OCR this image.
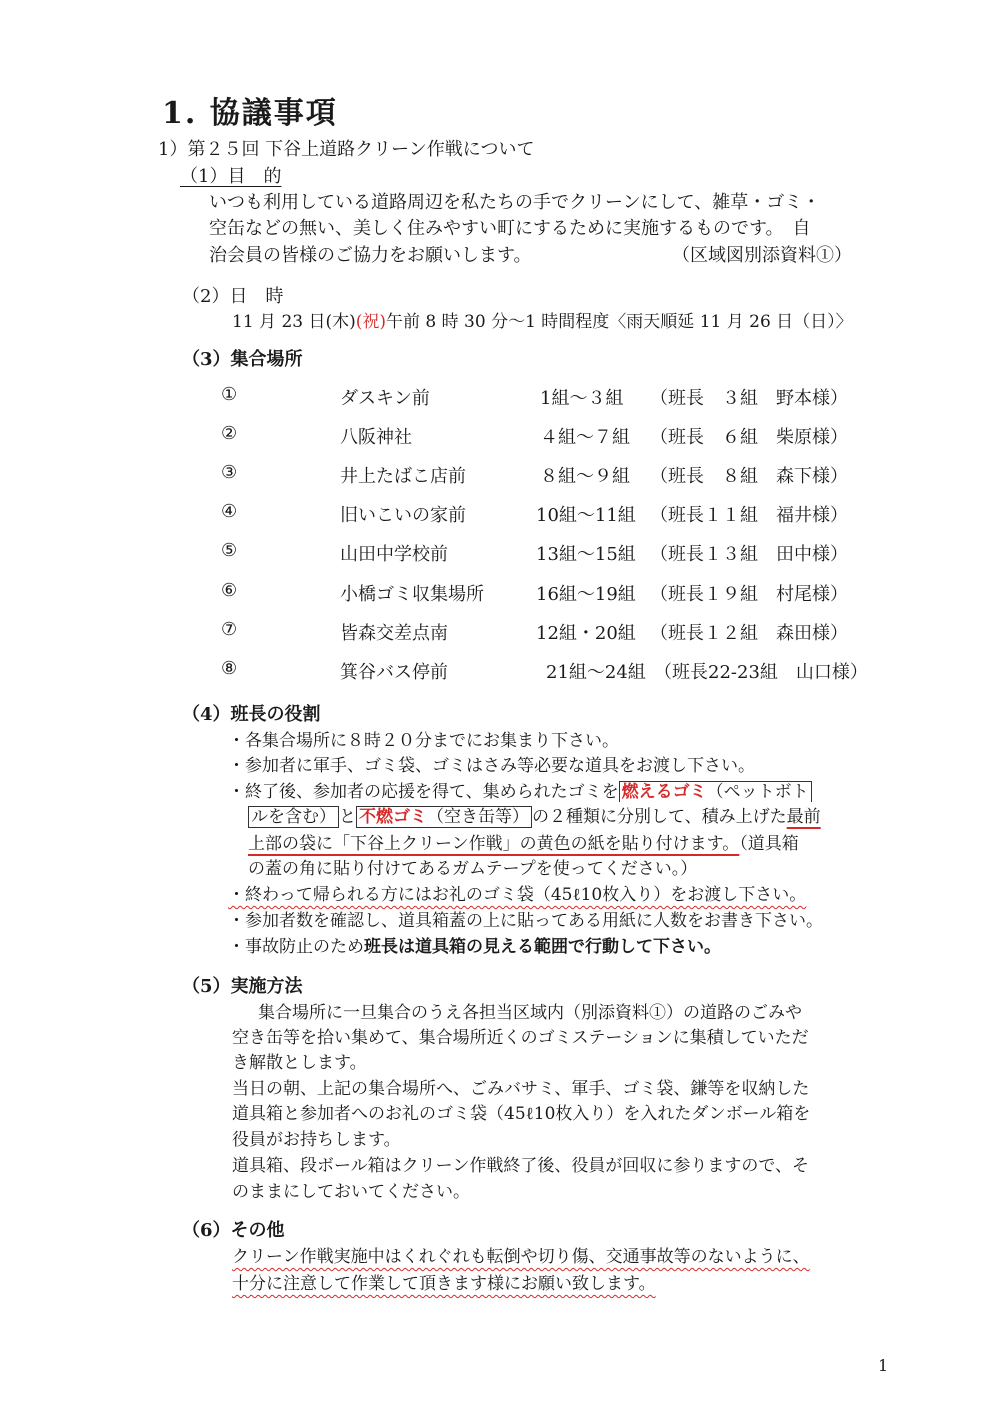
1. 協議事項
1）第２５回 下谷上道路クリーン作戦について
（1）目　的
いつも利用している道路周辺を私たちの手でクリーンにして、雑草・ゴミ・
空缶などの無い、美しく住みやすい町にするために実施するものです。　自
治会員の皆様のご協力をお願いします。	（区域図別添資料①）
（2）日　時
11 月 23 日(木)(祝)午前 8 時 30 分〜1 時間程度〈雨天順延 11 月 26 日（日）〉
（3）集合場所
①	ダスキン前	1組〜３組 （班長　３組　野本様）
②	八阪神社	４組〜７組 （班長　６組　柴原様）
③	井上たばこ店前	８組〜９組 （班長　８組　森下様）
④	旧いこいの家前	10組〜11組 （班長１１組　福井様）
⑤	山田中学校前	13組〜15組 （班長１３組　田中様）
⑥	小橋ゴミ収集場所	16組〜19組 （班長１９組　村尾様）
⑦	皆森交差点南	12組・20組 （班長１２組　森田様）
⑧	箕谷バス停前	21組〜24組 （班長22-23組　山口様）
（4）班長の役割
・各集合場所に８時２０分までにお集まり下さい。
・参加者に軍手、ゴミ袋、ゴミはさみ等必要な道具をお渡し下さい。
・終了後、参加者の応援を得て、集められたゴミを 燃えるゴミ（ペットボト
ルを含む） と 不燃ゴミ（空き缶等） の２種類に分別して、積み上げた最前
上部の袋に「下谷上クリーン作戦」の黄色の紙を貼り付けます。（道具箱
の蓋の角に貼り付けてあるガムテープを使ってください。）
・終わって帰られる方にはお礼のゴミ袋（45ℓ10枚入り）をお渡し下さい。
・参加者数を確認し、道具箱蓋の上に貼ってある用紙に人数をお書き下さい。
・事故防止のため班長は道具箱の見える範囲で行動して下さい。
（5）実施方法
集合場所に一旦集合のうえ各担当区域内（別添資料①）の道路のごみや
空き缶等を拾い集めて、集合場所近くのゴミステーションに集積していただ
き解散とします。
当日の朝、上記の集合場所へ、ごみバサミ、軍手、ゴミ袋、鎌等を収納した
道具箱と参加者へのお礼のゴミ袋（45ℓ10枚入り）を入れたダンボール箱を
役員がお持ちします。
道具箱、段ボール箱はクリーン作戦終了後、役員が回収に参りますので、そ
のままにしておいてください。
（6）その他
クリーン作戦実施中はくれぐれも転倒や切り傷、交通事故等のないように、
十分に注意して作業して頂きます様にお願い致します。
1
